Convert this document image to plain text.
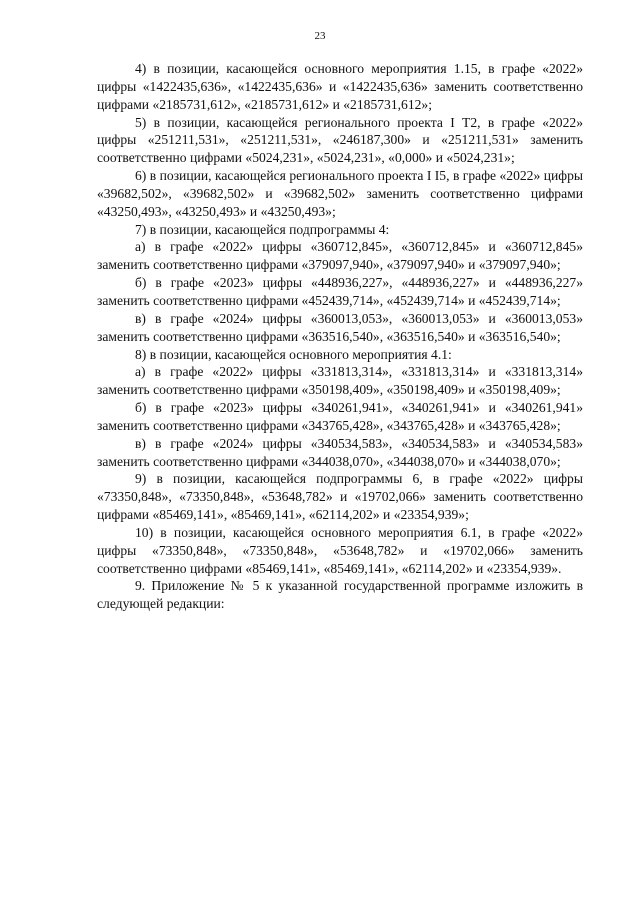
23

4) в позиции, касающейся основного мероприятия 1.15, в графе «2022» цифры «1422435,636», «1422435,636» и «1422435,636» заменить соответственно цифрами «2185731,612», «2185731,612» и «2185731,612»;

5) в позиции, касающейся регионального проекта I Т2, в графе «2022» цифры «251211,531», «251211,531», «246187,300» и «251211,531» заменить соответственно цифрами «5024,231», «5024,231», «0,000» и «5024,231»;

6) в позиции, касающейся регионального проекта I I5, в графе «2022» цифры «39682,502», «39682,502» и «39682,502» заменить соответственно цифрами «43250,493», «43250,493» и «43250,493»;

7) в позиции, касающейся подпрограммы 4:

а) в графе «2022» цифры «360712,845», «360712,845» и «360712,845» заменить соответственно цифрами «379097,940», «379097,940» и «379097,940»;

б) в графе «2023» цифры «448936,227», «448936,227» и «448936,227» заменить соответственно цифрами «452439,714», «452439,714» и «452439,714»;

в) в графе «2024» цифры «360013,053», «360013,053» и «360013,053» заменить соответственно цифрами «363516,540», «363516,540» и «363516,540»;

8) в позиции, касающейся основного мероприятия 4.1:

а) в графе «2022» цифры «331813,314», «331813,314» и «331813,314» заменить соответственно цифрами «350198,409», «350198,409» и «350198,409»;

б) в графе «2023» цифры «340261,941», «340261,941» и «340261,941» заменить соответственно цифрами «343765,428», «343765,428» и «343765,428»;

в) в графе «2024» цифры «340534,583», «340534,583» и «340534,583» заменить соответственно цифрами «344038,070», «344038,070» и «344038,070»;

9) в позиции, касающейся подпрограммы 6, в графе «2022» цифры «73350,848», «73350,848», «53648,782» и «19702,066» заменить соответственно цифрами «85469,141», «85469,141», «62114,202» и «23354,939»;

10) в позиции, касающейся основного мероприятия 6.1, в графе «2022» цифры «73350,848», «73350,848», «53648,782» и «19702,066» заменить соответственно цифрами «85469,141», «85469,141», «62114,202» и «23354,939».

9. Приложение № 5 к указанной государственной программе изложить в следующей редакции:
